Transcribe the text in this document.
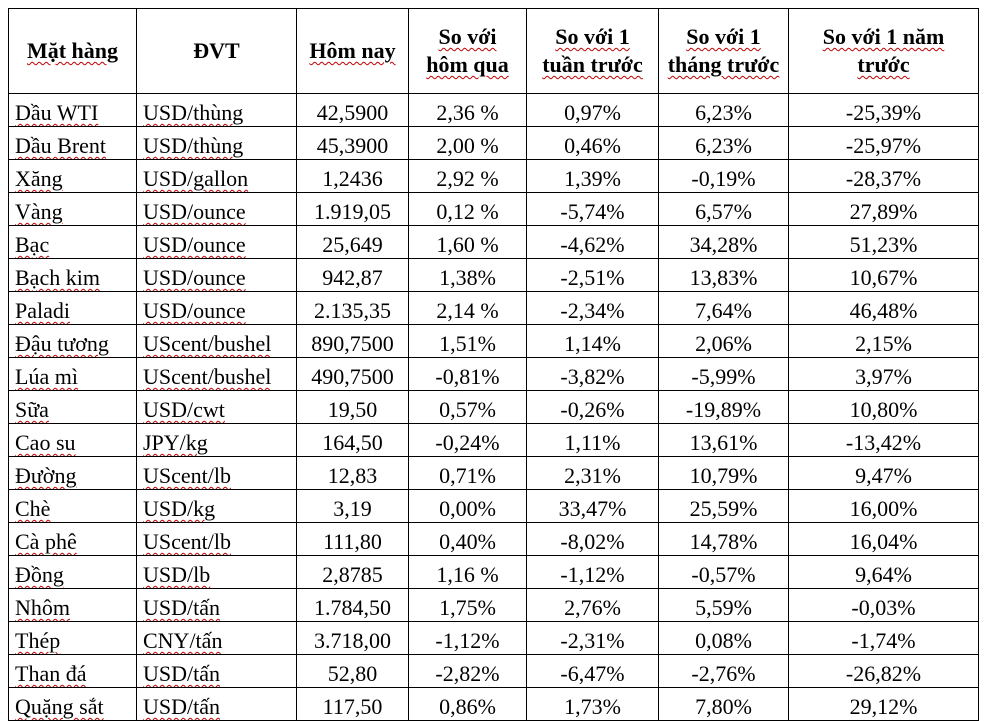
Mặt hàng	ĐVT	Hôm nay	So với hôm qua	So với 1 tuần trước	So với 1 tháng trước	So với 1 năm trước
Dầu WTI	USD/thùng	42,5900	2,36 %	0,97%	6,23%	-25,39%
Dầu Brent	USD/thùng	45,3900	2,00 %	0,46%	6,23%	-25,97%
Xăng	USD/gallon	1,2436	2,92 %	1,39%	-0,19%	-28,37%
Vàng	USD/ounce	1.919,05	0,12 %	-5,74%	6,57%	27,89%
Bạc	USD/ounce	25,649	1,60 %	-4,62%	34,28%	51,23%
Bạch kim	USD/ounce	942,87	1,38%	-2,51%	13,83%	10,67%
Paladi	USD/ounce	2.135,35	2,14 %	-2,34%	7,64%	46,48%
Đậu tương	UScent/bushel	890,7500	1,51%	1,14%	2,06%	2,15%
Lúa mì	UScent/bushel	490,7500	-0,81%	-3,82%	-5,99%	3,97%
Sữa	USD/cwt	19,50	0,57%	-0,26%	-19,89%	10,80%
Cao su	JPY/kg	164,50	-0,24%	1,11%	13,61%	-13,42%
Đường	UScent/lb	12,83	0,71%	2,31%	10,79%	9,47%
Chè	USD/kg	3,19	0,00%	33,47%	25,59%	16,00%
Cà phê	UScent/lb	111,80	0,40%	-8,02%	14,78%	16,04%
Đồng	USD/lb	2,8785	1,16 %	-1,12%	-0,57%	9,64%
Nhôm	USD/tấn	1.784,50	1,75%	2,76%	5,59%	-0,03%
Thép	CNY/tấn	3.718,00	-1,12%	-2,31%	0,08%	-1,74%
Than đá	USD/tấn	52,80	-2,82%	-6,47%	-2,76%	-26,82%
Quặng sắt	USD/tấn	117,50	0,86%	1,73%	7,80%	29,12%
